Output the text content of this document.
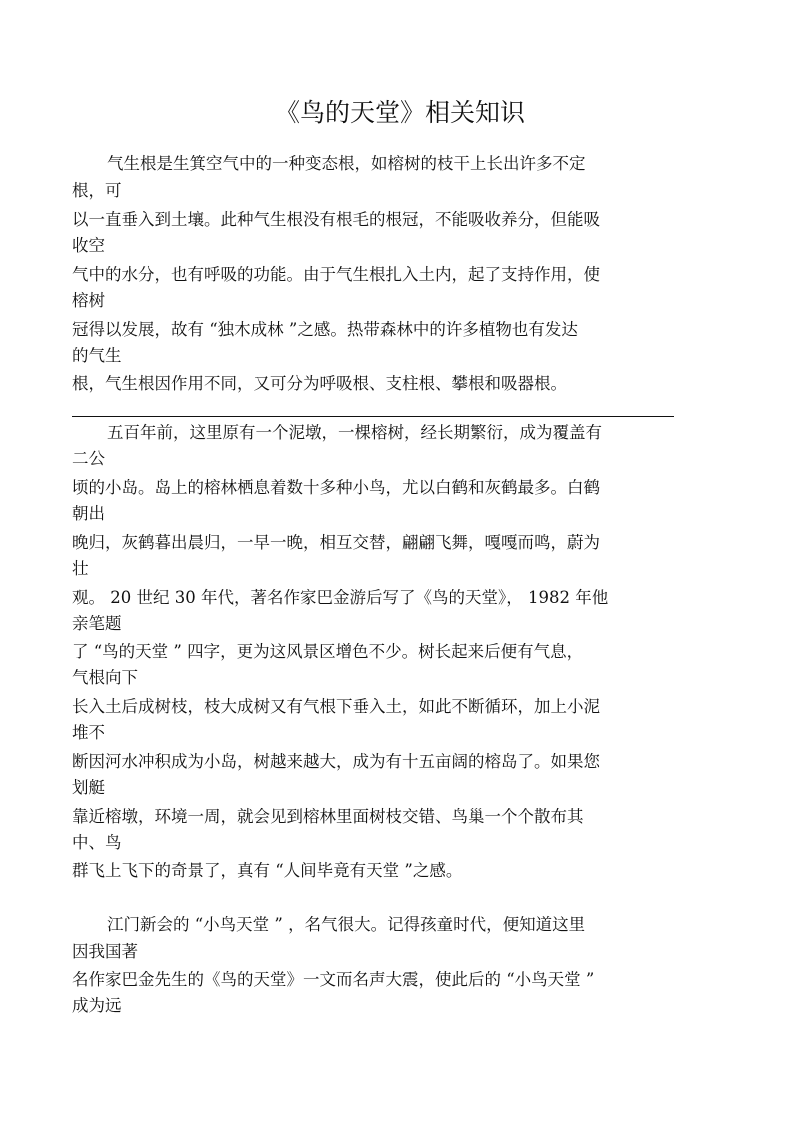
《鸟的天堂》相关知识
气生根是生箕空气中的一种变态根，如榕树的枝干上长出许多不定
根，可
以一直垂入到土壤。此种气生根没有根毛的根冠，不能吸收养分，但能吸
收空
气中的水分，也有呼吸的功能。由于气生根扎入土内，起了支持作用，使
榕树
冠得以发展，故有 “独木成林 ”之感。热带森林中的许多植物也有发达
的气生
根，气生根因作用不同，又可分为呼吸根、支柱根、攀根和吸器根。
五百年前，这里原有一个泥墩，一棵榕树，经长期繁衍，成为覆盖有
二公
顷的小岛。岛上的榕林栖息着数十多种小鸟，尤以白鹤和灰鹤最多。白鹤
朝出
晚归，灰鹤暮出晨归，一早一晚，相互交替，翩翩飞舞，嘎嘎而鸣，蔚为
壮
观。 20 世纪 30 年代，著名作家巴金游后写了《鸟的天堂》， 1982 年他
亲笔题
了 “鸟的天堂 ” 四字，更为这风景区增色不少。树长起来后便有气息，
气根向下
长入土后成树枝，枝大成树又有气根下垂入土，如此不断循环，加上小泥
堆不
断因河水冲积成为小岛，树越来越大，成为有十五亩阔的榕岛了。如果您
划艇
靠近榕墩，环境一周，就会见到榕林里面树枝交错、鸟巢一个个散布其
中、鸟
群飞上飞下的奇景了，真有 “人间毕竟有天堂 ”之感。
江门新会的 “小鸟天堂 ” ，名气很大。记得孩童时代，便知道这里
因我国著
名作家巴金先生的《鸟的天堂》一文而名声大震，使此后的 “小鸟天堂 ”
成为远
